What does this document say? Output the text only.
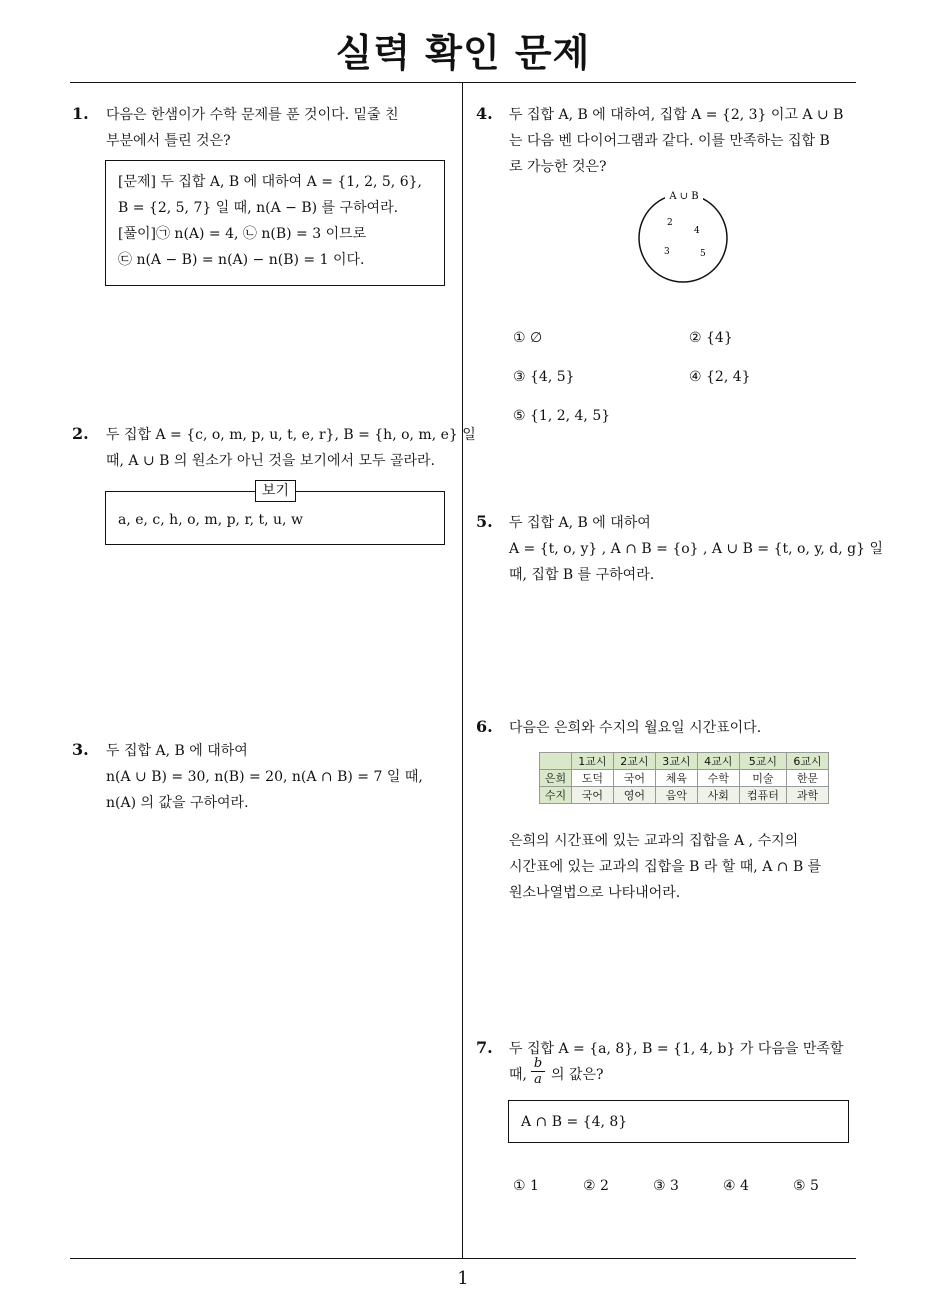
실력 확인 문제
1
1. 다음은 한샘이가 수학 문제를 푼 것이다. 밑줄 친
부분에서 틀린 것은?
[문제] 두 집합 A, B 에 대하여 A = {1, 2, 5, 6},
B = {2, 5, 7} 일 때, n(A − B) 를 구하여라.
[풀이]㉠ n(A) = 4, ㉡ n(B) = 3 이므로
㉢ n(A − B) = n(A) − n(B) = 1 이다.
2. 두 집합 A = {c, o, m, p, u, t, e, r}, B = {h, o, m, e} 일
때, A ∪ B 의 원소가 아닌 것을 보기에서 모두 골라라.
a, e, c, h, o, m, p, r, t, u, w
보기
3. 두 집합 A, B 에 대하여
n(A ∪ B) = 30, n(B) = 20, n(A ∩ B) = 7 일 때,
n(A) 의 값을 구하여라.
4. 두 집합 A, B 에 대하여, 집합 A = {2, 3} 이고 A ∪ B
는 다음 벤 다이어그램과 같다. 이를 만족하는 집합 B
로 가능한 것은?
A ∪ B
2
4
3	5
① ∅	② {4}
③ {4, 5}	④ {2, 4}
⑤ {1, 2, 4, 5}
5. 두 집합 A, B 에 대하여
A = {t, o, y} , A ∩ B = {o} , A ∪ B = {t, o, y, d, g} 일
때, 집합 B 를 구하여라.
6. 다음은 은희와 수지의 월요일 시간표이다.
	1교시	2교시	3교시	4교시	5교시	6교시
은희	도덕	국어	체육	수학	미술	한문
수지	국어	영어	음악	사회	컴퓨터	과학
은희의 시간표에 있는 교과의 집합을 A , 수지의
시간표에 있는 교과의 집합을 B 라 할 때, A ∩ B 를
원소나열법으로 나타내어라.
7. 두 집합 A = {a, 8}, B = {1, 4, b} 가 다음을 만족할
때, $\frac{b}{a}$ 의 값은?
A ∩ B = {4, 8}
① 1	② 2	③ 3	④ 4	⑤ 5
